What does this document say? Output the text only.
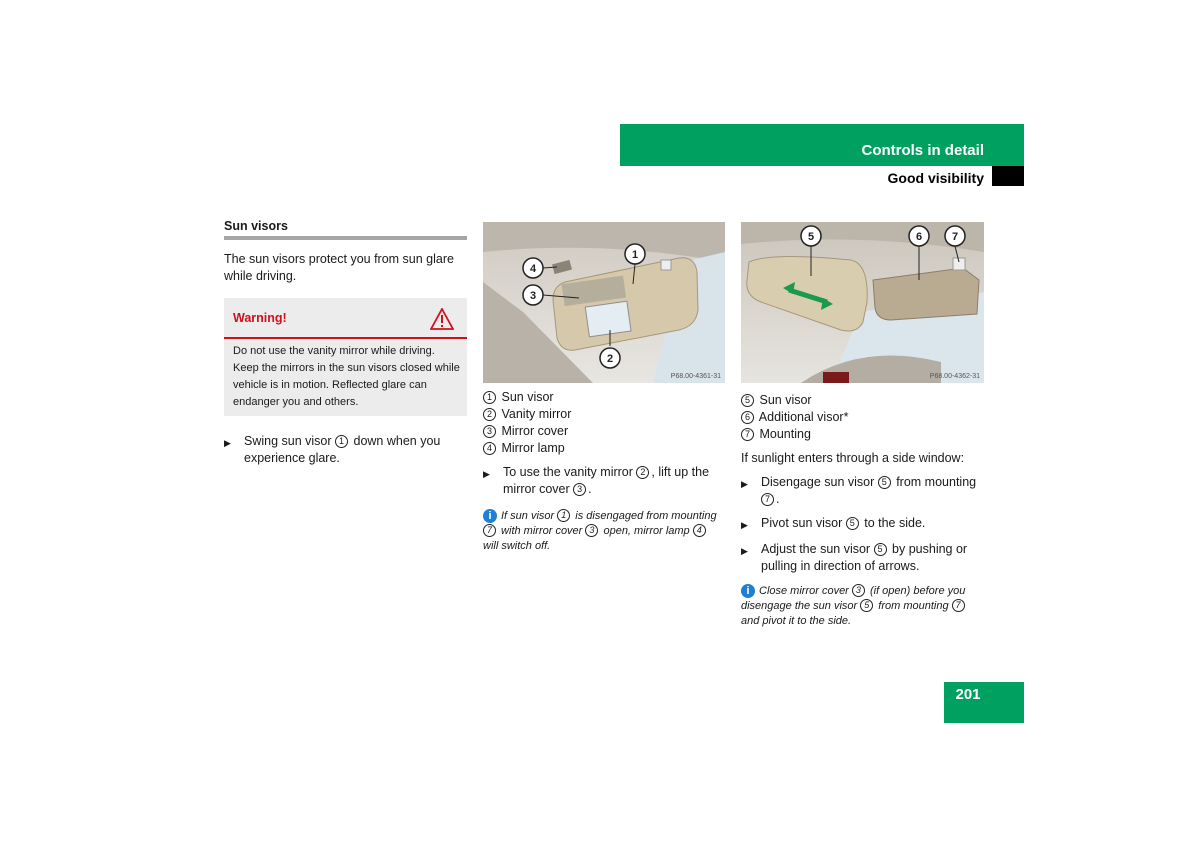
Controls in detail
Good visibility
Sun visors
The sun visors protect you from sun glare while driving.
Warning!
Do not use the vanity mirror while driving. Keep the mirrors in the sun visors closed while vehicle is in motion. Reflected glare can endanger you and others.
▶	Swing sun visor 1 down when you experience glare.
4
3
1
2
P68.00-4361-31
1 Sun visor
2 Vanity mirror
3 Mirror cover
4 Mirror lamp
▶	To use the vanity mirror 2 , lift up the mirror cover 3 .
i If sun visor 1 is disengaged from mounting 7 with mirror cover 3 open, mirror lamp 4 will switch off.
5	6	7
P68.00-4362-31
5 Sun visor
6 Additional visor*
7 Mounting
If sunlight enters through a side window:
▶	Disengage sun visor 5 from mounting 7 .
▶	Pivot sun visor 5 to the side.
▶	Adjust the sun visor 5 by pushing or pulling in direction of arrows.
i Close mirror cover 3 (if open) before you disengage the sun visor 5 from mounting 7 and pivot it to the side.
201
